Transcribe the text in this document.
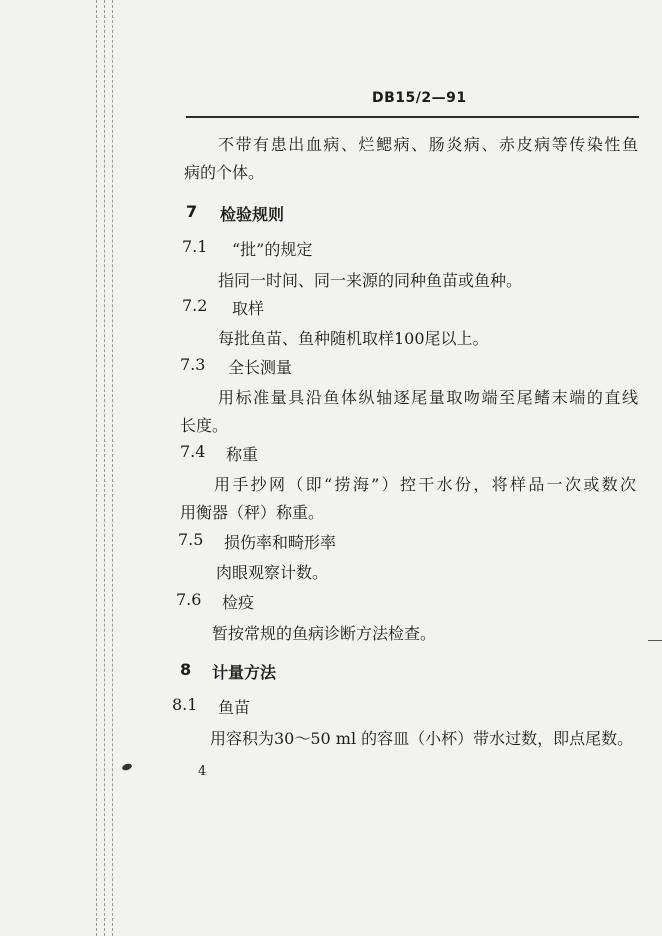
DB15/2—91
不带有患出血病、烂鳃病、肠炎病、赤皮病等传染性鱼
病的个体。
7 检验规则
7.1 “批”的规定
指同一时间、同一来源的同种鱼苗或鱼种。
7.2 取样
每批鱼苗、鱼种随机取样100尾以上。
7.3 全长测量
用标准量具沿鱼体纵轴逐尾量取吻端至尾鳍末端的直线
长度。
7.4 称重
用手抄网（即“捞海”）控干水份，将样品一次或数次
用衡器（秤）称重。
7.5 损伤率和畸形率
肉眼观察计数。
7.6 检疫
暂按常规的鱼病诊断方法检查。
8 计量方法
8.1 鱼苗
用容积为30～50 ml 的容皿（小杯）带水过数，即点尾数。
4
